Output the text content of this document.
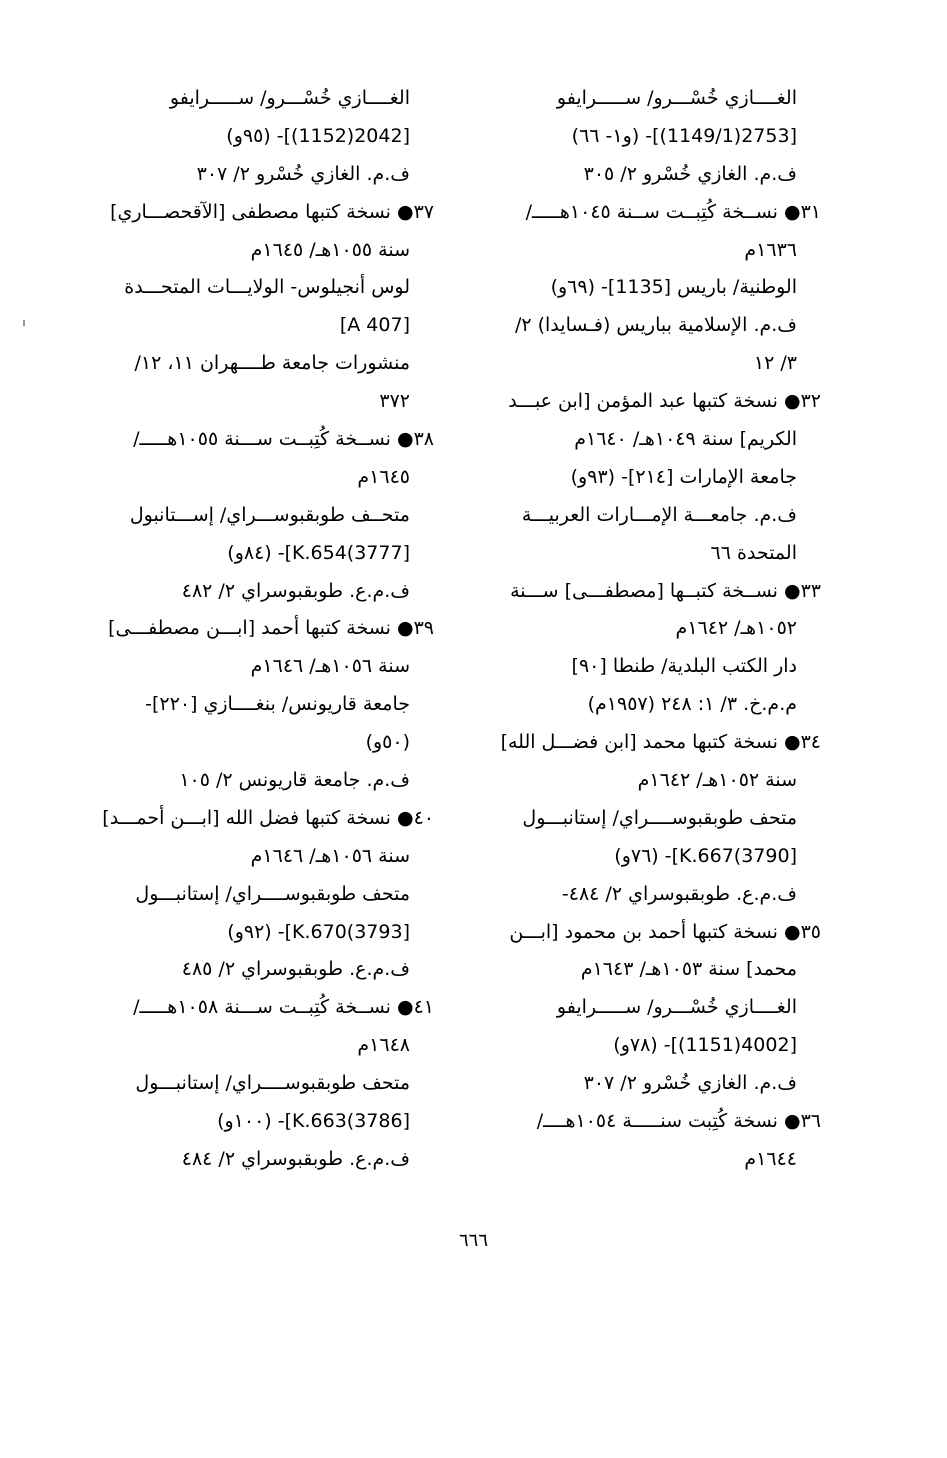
الغــــازي خُسْـــرو/ ســـــرايفو
[2753(1149/1)]- (و١- ٦٦)
ف.م. الغازي خُسْرو ٢/ ٣٠٥
٣١● نســخة كُتِبــت ســنة ١٠٤٥هـــــ/
١٦٣٦م
الوطنية/ باريس [1135]- (٦٩و)
ف.م. الإسلامية بباريس (فـسايدا) ٢/
٣/ ١٢
٣٢● نسخة كتبها عبد المؤمن [ابن عبـــد
الكريم] سنة ١٠٤٩هـ/ ١٦٤٠م
جامعة الإمارات [٢١٤]- (٩٣و)
ف.م. جامعـــة الإمـــارات العربيـــة
المتحدة ٦٦
٣٣● نســخة كتبــها [مصطفـــى] ســـنة
١٠٥٢هـ/ ١٦٤٢م
دار الكتب البلدية/ طنطا [٩٠]
م.م.خ. ٣/ ١: ٢٤٨ (١٩٥٧م)
٣٤● نسخة كتبها محمد [ابن فضـــل الله]
سنة ١٠٥٢هـ/ ١٦٤٢م
متحف طوبقبوســــراي/ إستانبـــول
[3790)K.667]- (٧٦و)
ف.م.ع. طوبقبوسراي ٢/ ٤٨٤-
٣٥● نسخة كتبها أحمد بن محمود [ابـــن
محمد] سنة ١٠٥٣هـ/ ١٦٤٣م
الغــــازي خُسْـــرو/ ســـــرايفو
[4002(1151)]- (٧٨و)
ف.م. الغازي خُسْرو ٢/ ٣٠٧
٣٦● نسخة كُتِبت سنـــــة ١٠٥٤هــــ/
١٦٤٤م
الغــــازي خُسْـــرو/ ســـــرايفو
[2042(1152)]- (٩٥و)
ف.م. الغازي خُسْرو ٢/ ٣٠٧
٣٧● نسخة كتبها مصطفى [الآقحصـــاري]
سنة ١٠٥٥هـ/ ١٦٤٥م
لوس أنجيلوس- الولايـــات المتحـــدة
[A 407]
منشورات جامعة طــــهران ١١، ١٢/
٣٧٢
٣٨● نســخة كُتِبــت ســـنة ١٠٥٥هـــــ/
١٦٤٥م
متحــف طوبقبوســـراي/ إســـتانبول
[3777)K.654]- (٨٤و)
ف.م.ع. طوبقبوسراي ٢/ ٤٨٢
٣٩● نسخة كتبها أحمد [ابـــن مصطفـــى]
سنة ١٠٥٦هـ/ ١٦٤٦م
جامعة قاريونس/ بنغــــازي [٢٢٠]-
(٥٠و)
ف.م. جامعة قاريونس ٢/ ١٠٥
٤٠● نسخة كتبها فضل الله [ابـــن أحمـــد]
سنة ١٠٥٦هـ/ ١٦٤٦م
متحف طوبقبوســــراي/ إستانبـــول
[3793)K.670]- (٩٢و)
ف.م.ع. طوبقبوسراي ٢/ ٤٨٥
٤١● نســخة كُتِبــت ســـنة ١٠٥٨هـــــ/
١٦٤٨م
متحف طوبقبوســــراي/ إستانبـــول
[3786)K.663]- (١٠٠و)
ف.م.ع. طوبقبوسراي ٢/ ٤٨٤
٦٦٦
